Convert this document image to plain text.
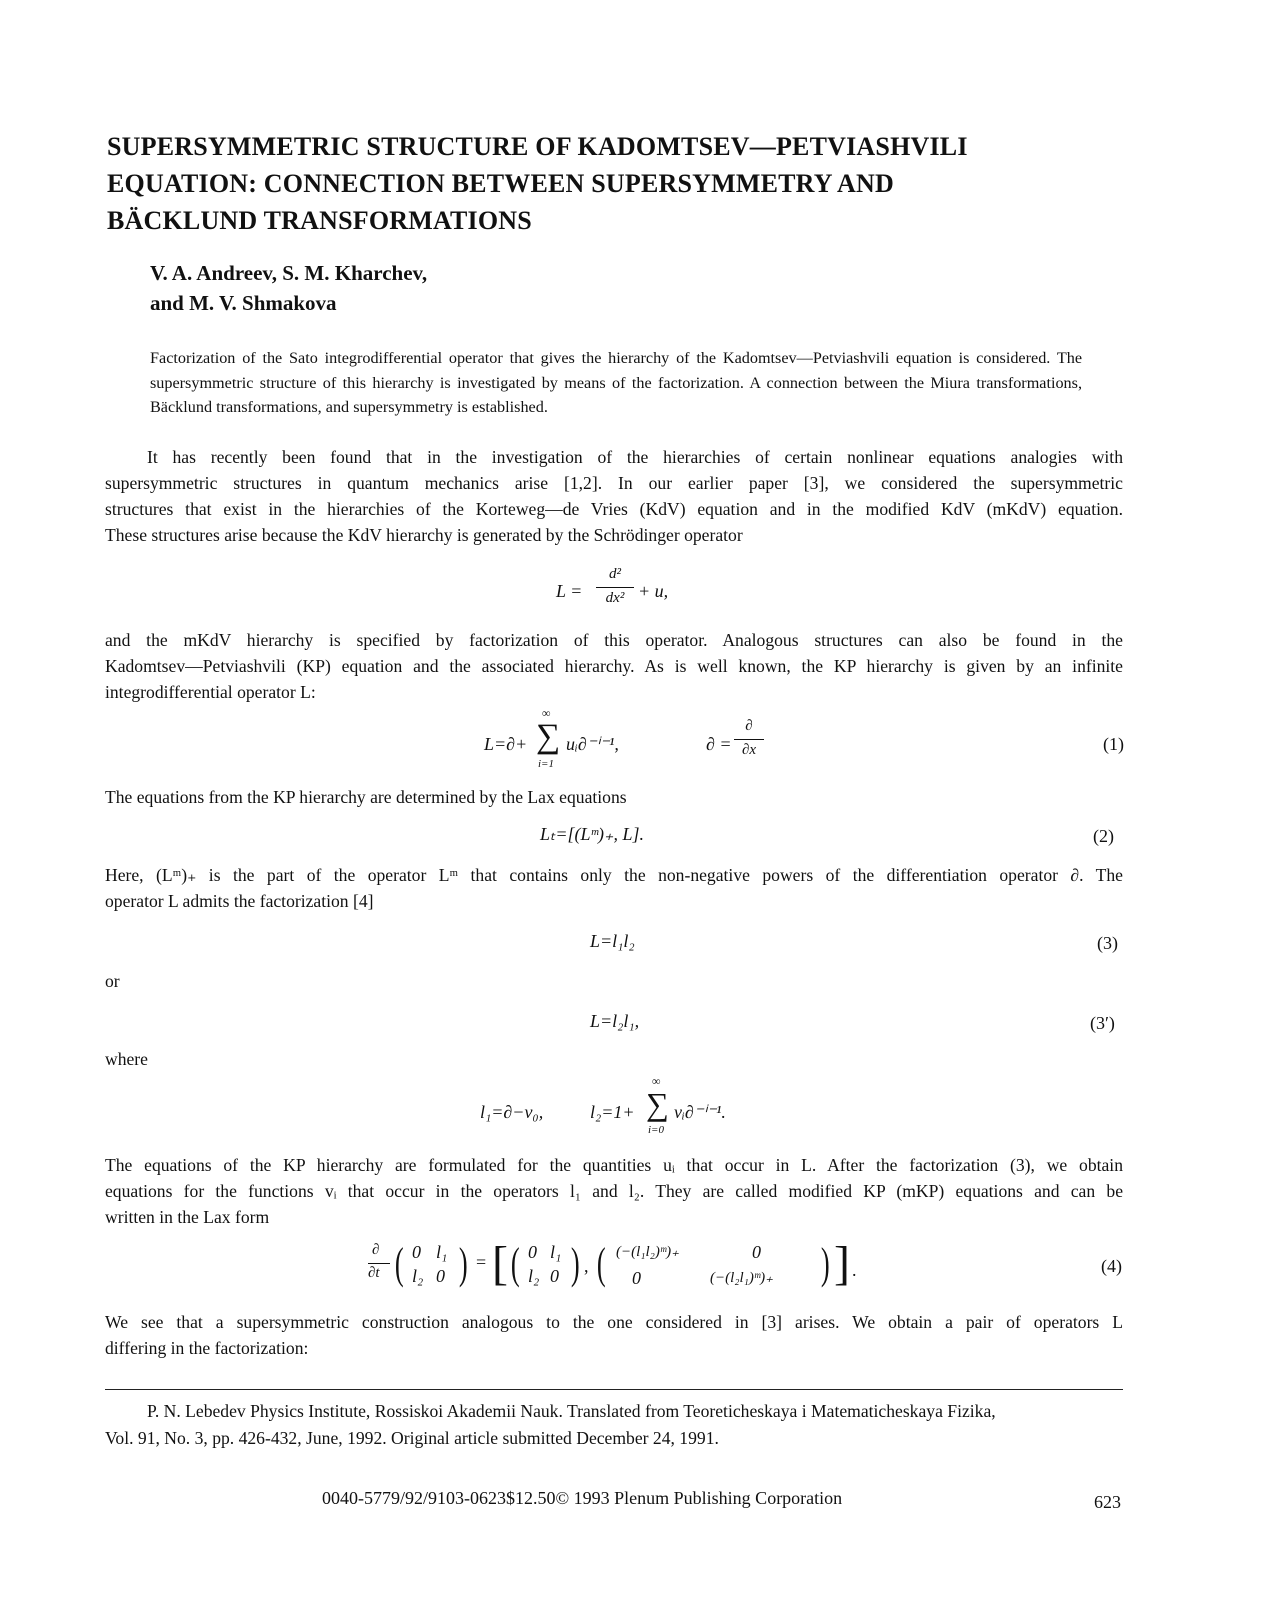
SUPERSYMMETRIC STRUCTURE OF KADOMTSEV—PETVIASHVILI
EQUATION: CONNECTION BETWEEN SUPERSYMMETRY AND
BÄCKLUND TRANSFORMATIONS
V. A. Andreev, S. M. Kharchev,
and M. V. Shmakova
Factorization of the Sato integrodifferential operator that gives the hierarchy of the Kadomtsev—Petviashvili equation is considered. The supersymmetric structure of this hierarchy is investigated by means of the factorization. A connection between the Miura transformations, Bäcklund transformations, and supersymmetry is established.
It has recently been found that in the investigation of the hierarchies of certain nonlinear equations analogies with
supersymmetric structures in quantum mechanics arise [1,2]. In our earlier paper [3], we considered the supersymmetric
structures that exist in the hierarchies of the Korteweg—de Vries (KdV) equation and in the modified KdV (mKdV) equation.
These structures arise because the KdV hierarchy is generated by the Schrödinger operator
L =
d²
dx² + u,
and the mKdV hierarchy is specified by factorization of this operator. Analogous structures can also be found in the
Kadomtsev—Petviashvili (KP) equation and the associated hierarchy. As is well known, the KP hierarchy is given by an infinite
integrodifferential operator L:
L=∂+
∞
∑
i=1
uᵢ∂⁻ⁱ⁻¹,	∂ =
∂
∂x	(1)
The equations from the KP hierarchy are determined by the Lax equations
Lₜ=[(Lᵐ)₊, L].	(2)
Here, (Lᵐ)₊ is the part of the operator Lᵐ that contains only the non-negative powers of the differentiation operator ∂. The
operator L admits the factorization [4]
L=l₁l₂	(3)
or
L=l₂l₁,	(3′)
where
l₁=∂−v₀,	l₂=1+
∞
∑
i=0
vᵢ∂⁻ⁱ⁻¹.
The equations of the KP hierarchy are formulated for the quantities uᵢ that occur in L. After the factorization (3), we obtain
equations for the functions vᵢ that occur in the operators l₁ and l₂. They are called modified KP (mKP) equations and can be
written in the Lax form
∂
∂t ( 0 l₁
l₂ 0 ) = [ ( 0 l₁
l₂ 0 ) , ( (−(l₁l₂)ᵐ)₊	0
0	(−(l₂l₁)ᵐ)₊ ) ] .	(4)
We see that a supersymmetric construction analogous to the one considered in [3] arises. We obtain a pair of operators L
differing in the factorization:
P. N. Lebedev Physics Institute, Rossiskoi Akademii Nauk. Translated from Teoreticheskaya i Matematicheskaya Fizika,
Vol. 91, No. 3, pp. 426-432, June, 1992. Original article submitted December 24, 1991.
0040-5779/92/9103-0623$12.50© 1993 Plenum Publishing Corporation	623
